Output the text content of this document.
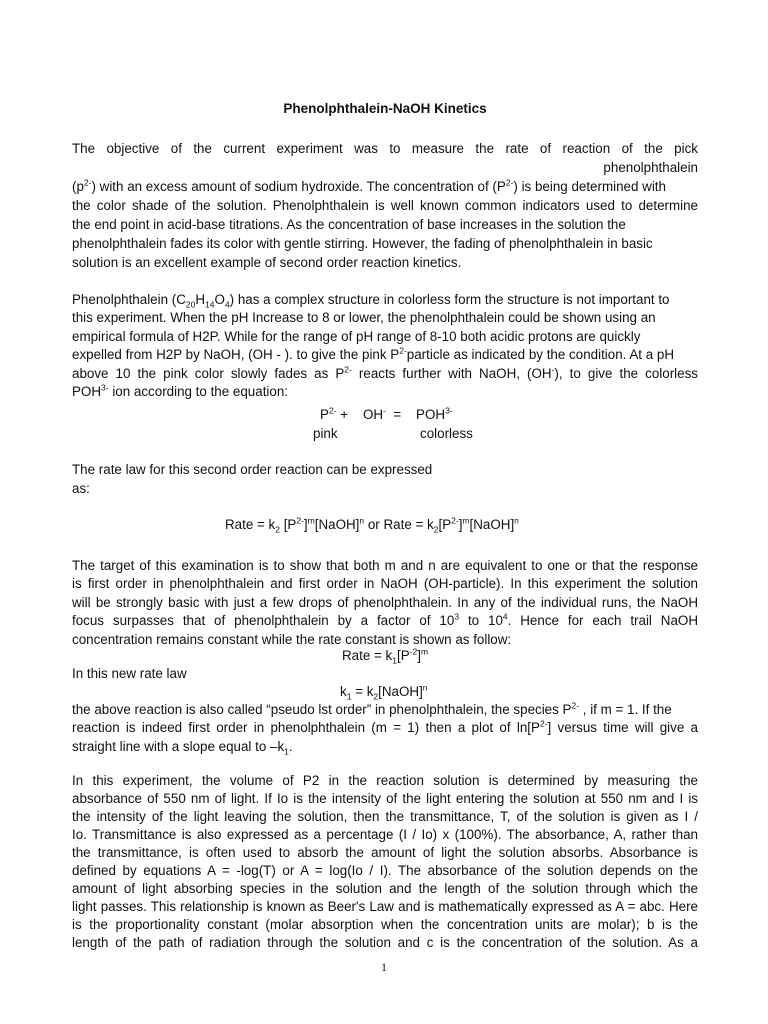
Phenolphthalein-NaOH Kinetics
The objective of the current experiment was to measure the rate of reaction of the pick
phenolphthalein
$(p^{2-})$ with an excess amount of sodium hydroxide. The concentration of $(P^{2-})$ is being determined with
the color shade of the solution. Phenolphthalein is well known common indicators used to determine
the end point in acid-base titrations. As the concentration of base increases in the solution the
phenolphthalein fades its color with gentle stirring. However, the fading of phenolphthalein in basic
solution is an excellent example of second order reaction kinetics.
Phenolphthalein $(C_{20}H_{14}O_4)$ has a complex structure in colorless form the structure is not important to
this experiment. When the pH Increase to 8 or lower, the phenolphthalein could be shown using an
empirical formula of H2P. While for the range of pH range of 8-10 both acidic protons are quickly
expelled from H2P by NaOH, (OH - ). to give the pink $P^{2-}particle$ as indicated by the condition. At a pH
above 10 the pink color slowly fades as $P^{2-}$ reacts further with NaOH, (OH-), to give the colorless
$POH^{3-}$ ion according to the equation:
$P^{2-} + OH^- = POH^{3-}$
pink	colorless
The rate law for this second order reaction can be expressed
as:
Rate = $k_2$ $[P^{2-}]^m[NaOH]^n$ or Rate = $k_2[P^{2-}]^m[NaOH]^n$
The target of this examination is to show that both m and n are equivalent to one or that the response
is first order in phenolphthalein and first order in NaOH (OH-particle). In this experiment the solution
will be strongly basic with just a few drops of phenolphthalein. In any of the individual runs, the NaOH
focus surpasses that of phenolphthalein by a factor of $10^3$ to $10^4$. Hence for each trail NaOH
concentration remains constant while the rate constant is shown as follow:
Rate = $k_1[P^{-2}]^m$
In this new rate law
$k_1$ = $k_2[NaOH]^n$
the above reaction is also called “pseudo lst order” in phenolphthalein, the species $P^{2-}$ , if m = 1. If the
reaction is indeed first order in phenolphthalein (m = 1) then a plot of $\ln[P^{2-}]$ versus time will give a
straight line with a slope equal to $-k_1$.
In this experiment, the volume of P2 in the reaction solution is determined by measuring the
absorbance of 550 nm of light. If Io is the intensity of the light entering the solution at 550 nm and I is
the intensity of the light leaving the solution, then the transmittance, T, of the solution is given as I /
Io. Transmittance is also expressed as a percentage (I / Io) x (100%). The absorbance, A, rather than
the transmittance, is often used to absorb the amount of light the solution absorbs. Absorbance is
defined by equations A = -log(T) or A = log(Io / I). The absorbance of the solution depends on the
amount of light absorbing species in the solution and the length of the solution through which the
light passes. This relationship is known as Beer's Law and is mathematically expressed as A = abc. Here
is the proportionality constant (molar absorption when the concentration units are molar); b is the
length of the path of radiation through the solution and c is the concentration of the solution. As a
1
